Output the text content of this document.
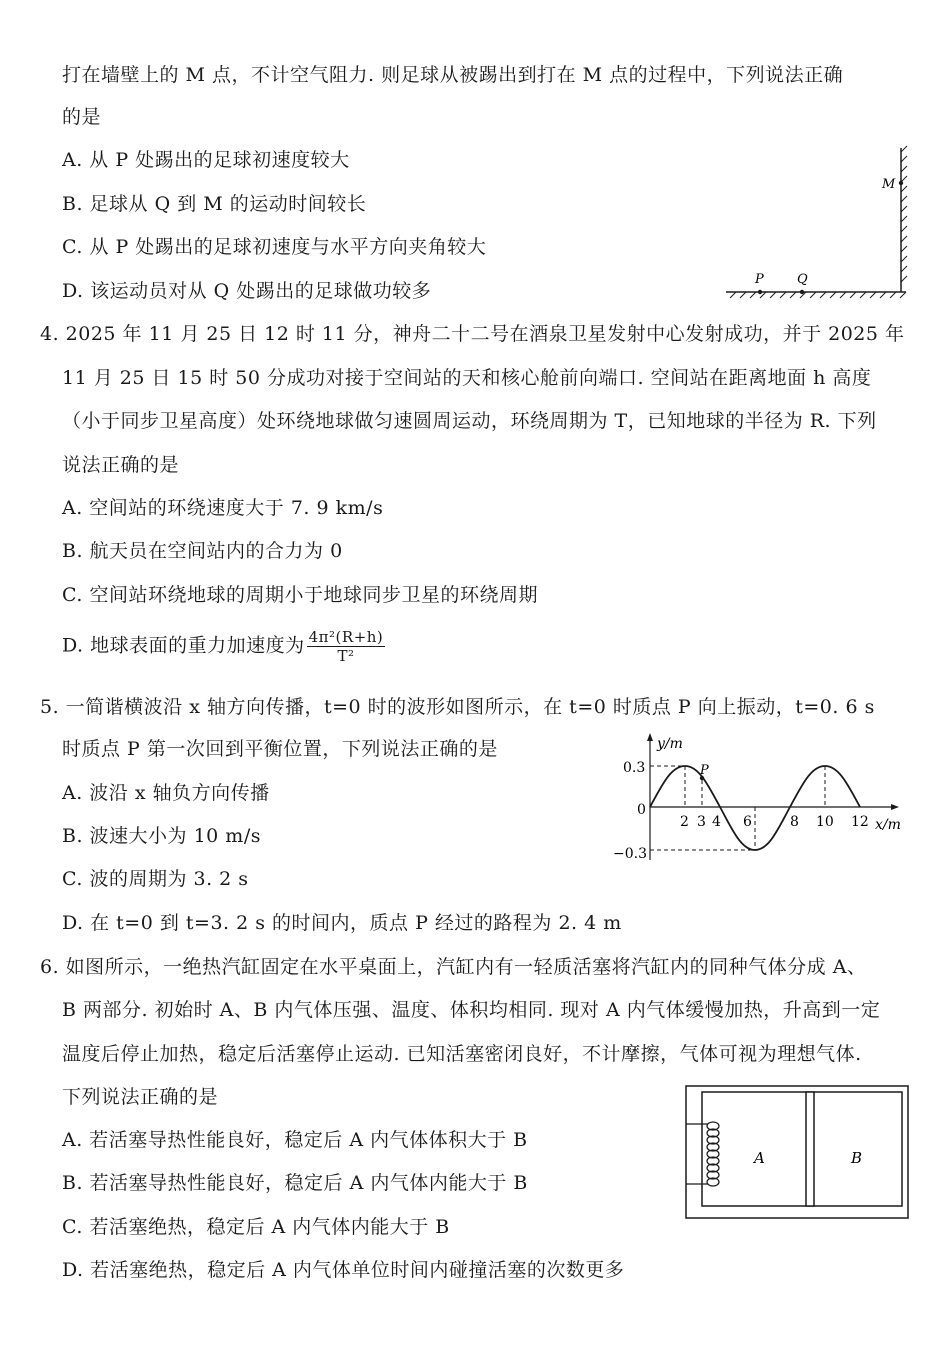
打在墙壁上的 M 点，不计空气阻力. 则足球从被踢出到打在 M 点的过程中，下列说法正确
的是
A. 从 P 处踢出的足球初速度较大
B. 足球从 Q 到 M 的运动时间较长
C. 从 P 处踢出的足球初速度与水平方向夹角较大
D. 该运动员对从 Q 处踢出的足球做功较多
M
P	Q
4. 2025 年 11 月 25 日 12 时 11 分，神舟二十二号在酒泉卫星发射中心发射成功，并于 2025 年
11 月 25 日 15 时 50 分成功对接于空间站的天和核心舱前向端口. 空间站在距离地面 h 高度
（小于同步卫星高度）处环绕地球做匀速圆周运动，环绕周期为 T，已知地球的半径为 R. 下列
说法正确的是
A. 空间站的环绕速度大于 7. 9 km/s
B. 航天员在空间站内的合力为 0
C. 空间站环绕地球的周期小于地球同步卫星的环绕周期
D. 地球表面的重力加速度为 $\frac{\text{4π²(R+h)}}{\text{T²}}$
5. 一简谐横波沿 x 轴方向传播，t=0 时的波形如图所示，在 t=0 时质点 P 向上振动，t=0. 6 s
时质点 P 第一次回到平衡位置，下列说法正确的是
A. 波沿 x 轴负方向传播
B. 波速大小为 10 m/s
C. 波的周期为 3. 2 s
D. 在 t=0 到 t=3. 2 s 的时间内，质点 P 经过的路程为 2. 4 m
y/m
x/m
0.3
−0.3
0
P
2 3 4 6	8 10 12
6. 如图所示，一绝热汽缸固定在水平桌面上，汽缸内有一轻质活塞将汽缸内的同种气体分成 A、
B 两部分. 初始时 A、B 内气体压强、温度、体积均相同. 现对 A 内气体缓慢加热，升高到一定
温度后停止加热，稳定后活塞停止运动. 已知活塞密闭良好，不计摩擦，气体可视为理想气体.
下列说法正确的是
A. 若活塞导热性能良好，稳定后 A 内气体体积大于 B
B. 若活塞导热性能良好，稳定后 A 内气体内能大于 B
C. 若活塞绝热，稳定后 A 内气体内能大于 B
D. 若活塞绝热，稳定后 A 内气体单位时间内碰撞活塞的次数更多
A	B
